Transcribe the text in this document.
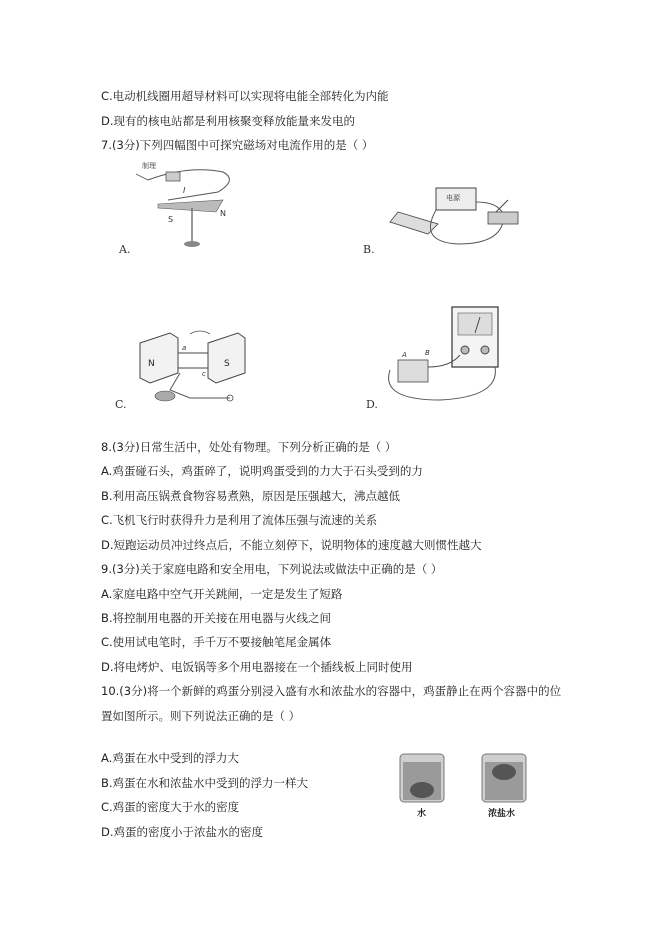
C.电动机线圈用超导材料可以实现将电能全部转化为内能
D.现有的核电站都是利用核聚变释放能量来发电的
7.(3分)下列四幅图中可探究磁场对电流作用的是（ ）
制理
I
S
N
A.
电源
B.
N	S
a
c
C.
A	B
D.
8.(3分)日常生活中，处处有物理。下列分析正确的是（ ）
A.鸡蛋碰石头，鸡蛋碎了，说明鸡蛋受到的力大于石头受到的力
B.利用高压锅煮食物容易煮熟，原因是压强越大，沸点越低
C.飞机飞行时获得升力是利用了流体压强与流速的关系
D.短跑运动员冲过终点后，不能立刻停下，说明物体的速度越大则惯性越大
9.(3分)关于家庭电路和安全用电，下列说法或做法中正确的是（ ）
A.家庭电路中空气开关跳闸，一定是发生了短路
B.将控制用电器的开关接在用电器与火线之间
C.使用试电笔时，手千万不要接触笔尾金属体
D.将电烤炉、电饭锅等多个用电器接在一个插线板上同时使用
10.(3分)将一个新鲜的鸡蛋分别浸入盛有水和浓盐水的容器中，鸡蛋静止在两个容器中的位
置如图所示。则下列说法正确的是（ ）
A.鸡蛋在水中受到的浮力大
B.鸡蛋在水和浓盐水中受到的浮力一样大
C.鸡蛋的密度大于水的密度
D.鸡蛋的密度小于浓盐水的密度
水	浓盐水
